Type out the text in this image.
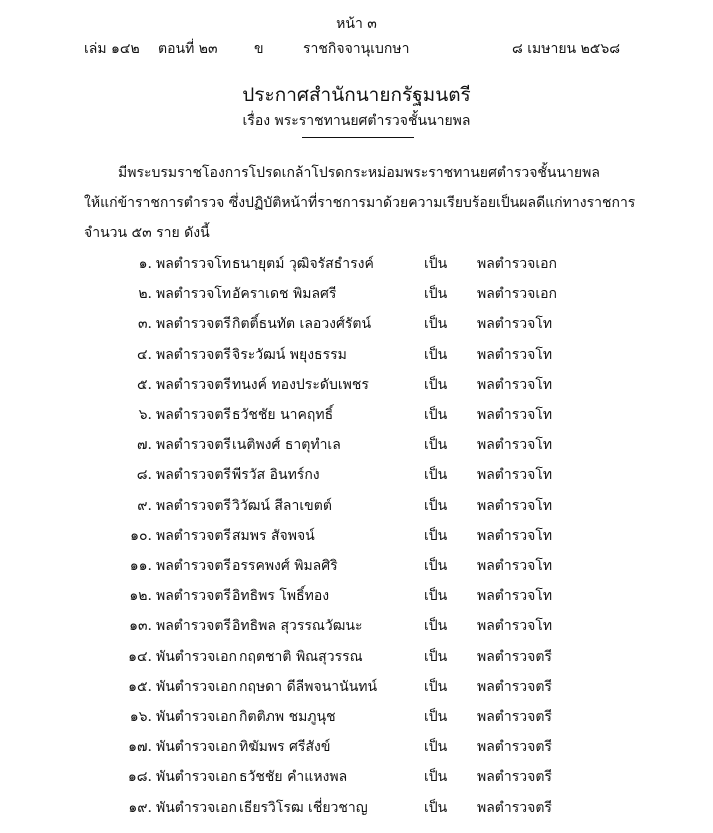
หน้า ๓
เล่ม ๑๔๒ ตอนที่ ๒๓	ข	ราชกิจจานุเบกษา	๘ เมษายน ๒๕๖๘
ประกาศสำนักนายกรัฐมนตรี
เรื่อง พระราชทานยศตำรวจชั้นนายพล
มีพระบรมราชโองการโปรดเกล้าโปรดกระหม่อมพระราชทานยศตำรวจชั้นนายพล
ให้แก่ข้าราชการตำรวจ ซึ่งปฏิบัติหน้าที่ราชการมาด้วยความเรียบร้อยเป็นผลดีแก่ทางราชการ
จำนวน ๕๓ ราย ดังนี้
๑. พลตำรวจโท ธนายุตม์ วุฒิจรัสธำรงค์	เป็น พลตำรวจเอก
๒. พลตำรวจโท อัคราเดช พิมลศรี	เป็น พลตำรวจเอก
๓. พลตำรวจตรี กิตติ์ธนทัต เลอวงศ์รัตน์	เป็น พลตำรวจโท
๔. พลตำรวจตรี จิระวัฒน์ พยุงธรรม	เป็น พลตำรวจโท
๕. พลตำรวจตรี ทนงค์ ทองประดับเพชร	เป็น พลตำรวจโท
๖. พลตำรวจตรี ธวัชชัย นาคฤทธิ์	เป็น พลตำรวจโท
๗. พลตำรวจตรี เนติพงศ์ ธาตุทำเล	เป็น พลตำรวจโท
๘. พลตำรวจตรี พีรวัส อินทร์กง	เป็น พลตำรวจโท
๙. พลตำรวจตรี วิวัฒน์ สีลาเขตต์	เป็น พลตำรวจโท
๑๐. พลตำรวจตรี สมพร สัจพจน์	เป็น พลตำรวจโท
๑๑. พลตำรวจตรี อรรคพงศ์ พิมลศิริ	เป็น พลตำรวจโท
๑๒. พลตำรวจตรี อิทธิพร โพธิ์ทอง	เป็น พลตำรวจโท
๑๓. พลตำรวจตรี อิทธิพล สุวรรณวัฒนะ	เป็น พลตำรวจโท
๑๔. พันตำรวจเอก กฤตชาติ พิณสุวรรณ	เป็น พลตำรวจตรี
๑๕. พันตำรวจเอก กฤษดา ดีลีพจนานันทน์	เป็น พลตำรวจตรี
๑๖. พันตำรวจเอก กิตติภพ ชมภูนุช	เป็น พลตำรวจตรี
๑๗. พันตำรวจเอก ทิฆัมพร ศรีสังข์	เป็น พลตำรวจตรี
๑๘. พันตำรวจเอก ธวัชชัย คำแหงพล	เป็น พลตำรวจตรี
๑๙. พันตำรวจเอก เธียรวิโรฒ เชี่ยวชาญ	เป็น พลตำรวจตรี
